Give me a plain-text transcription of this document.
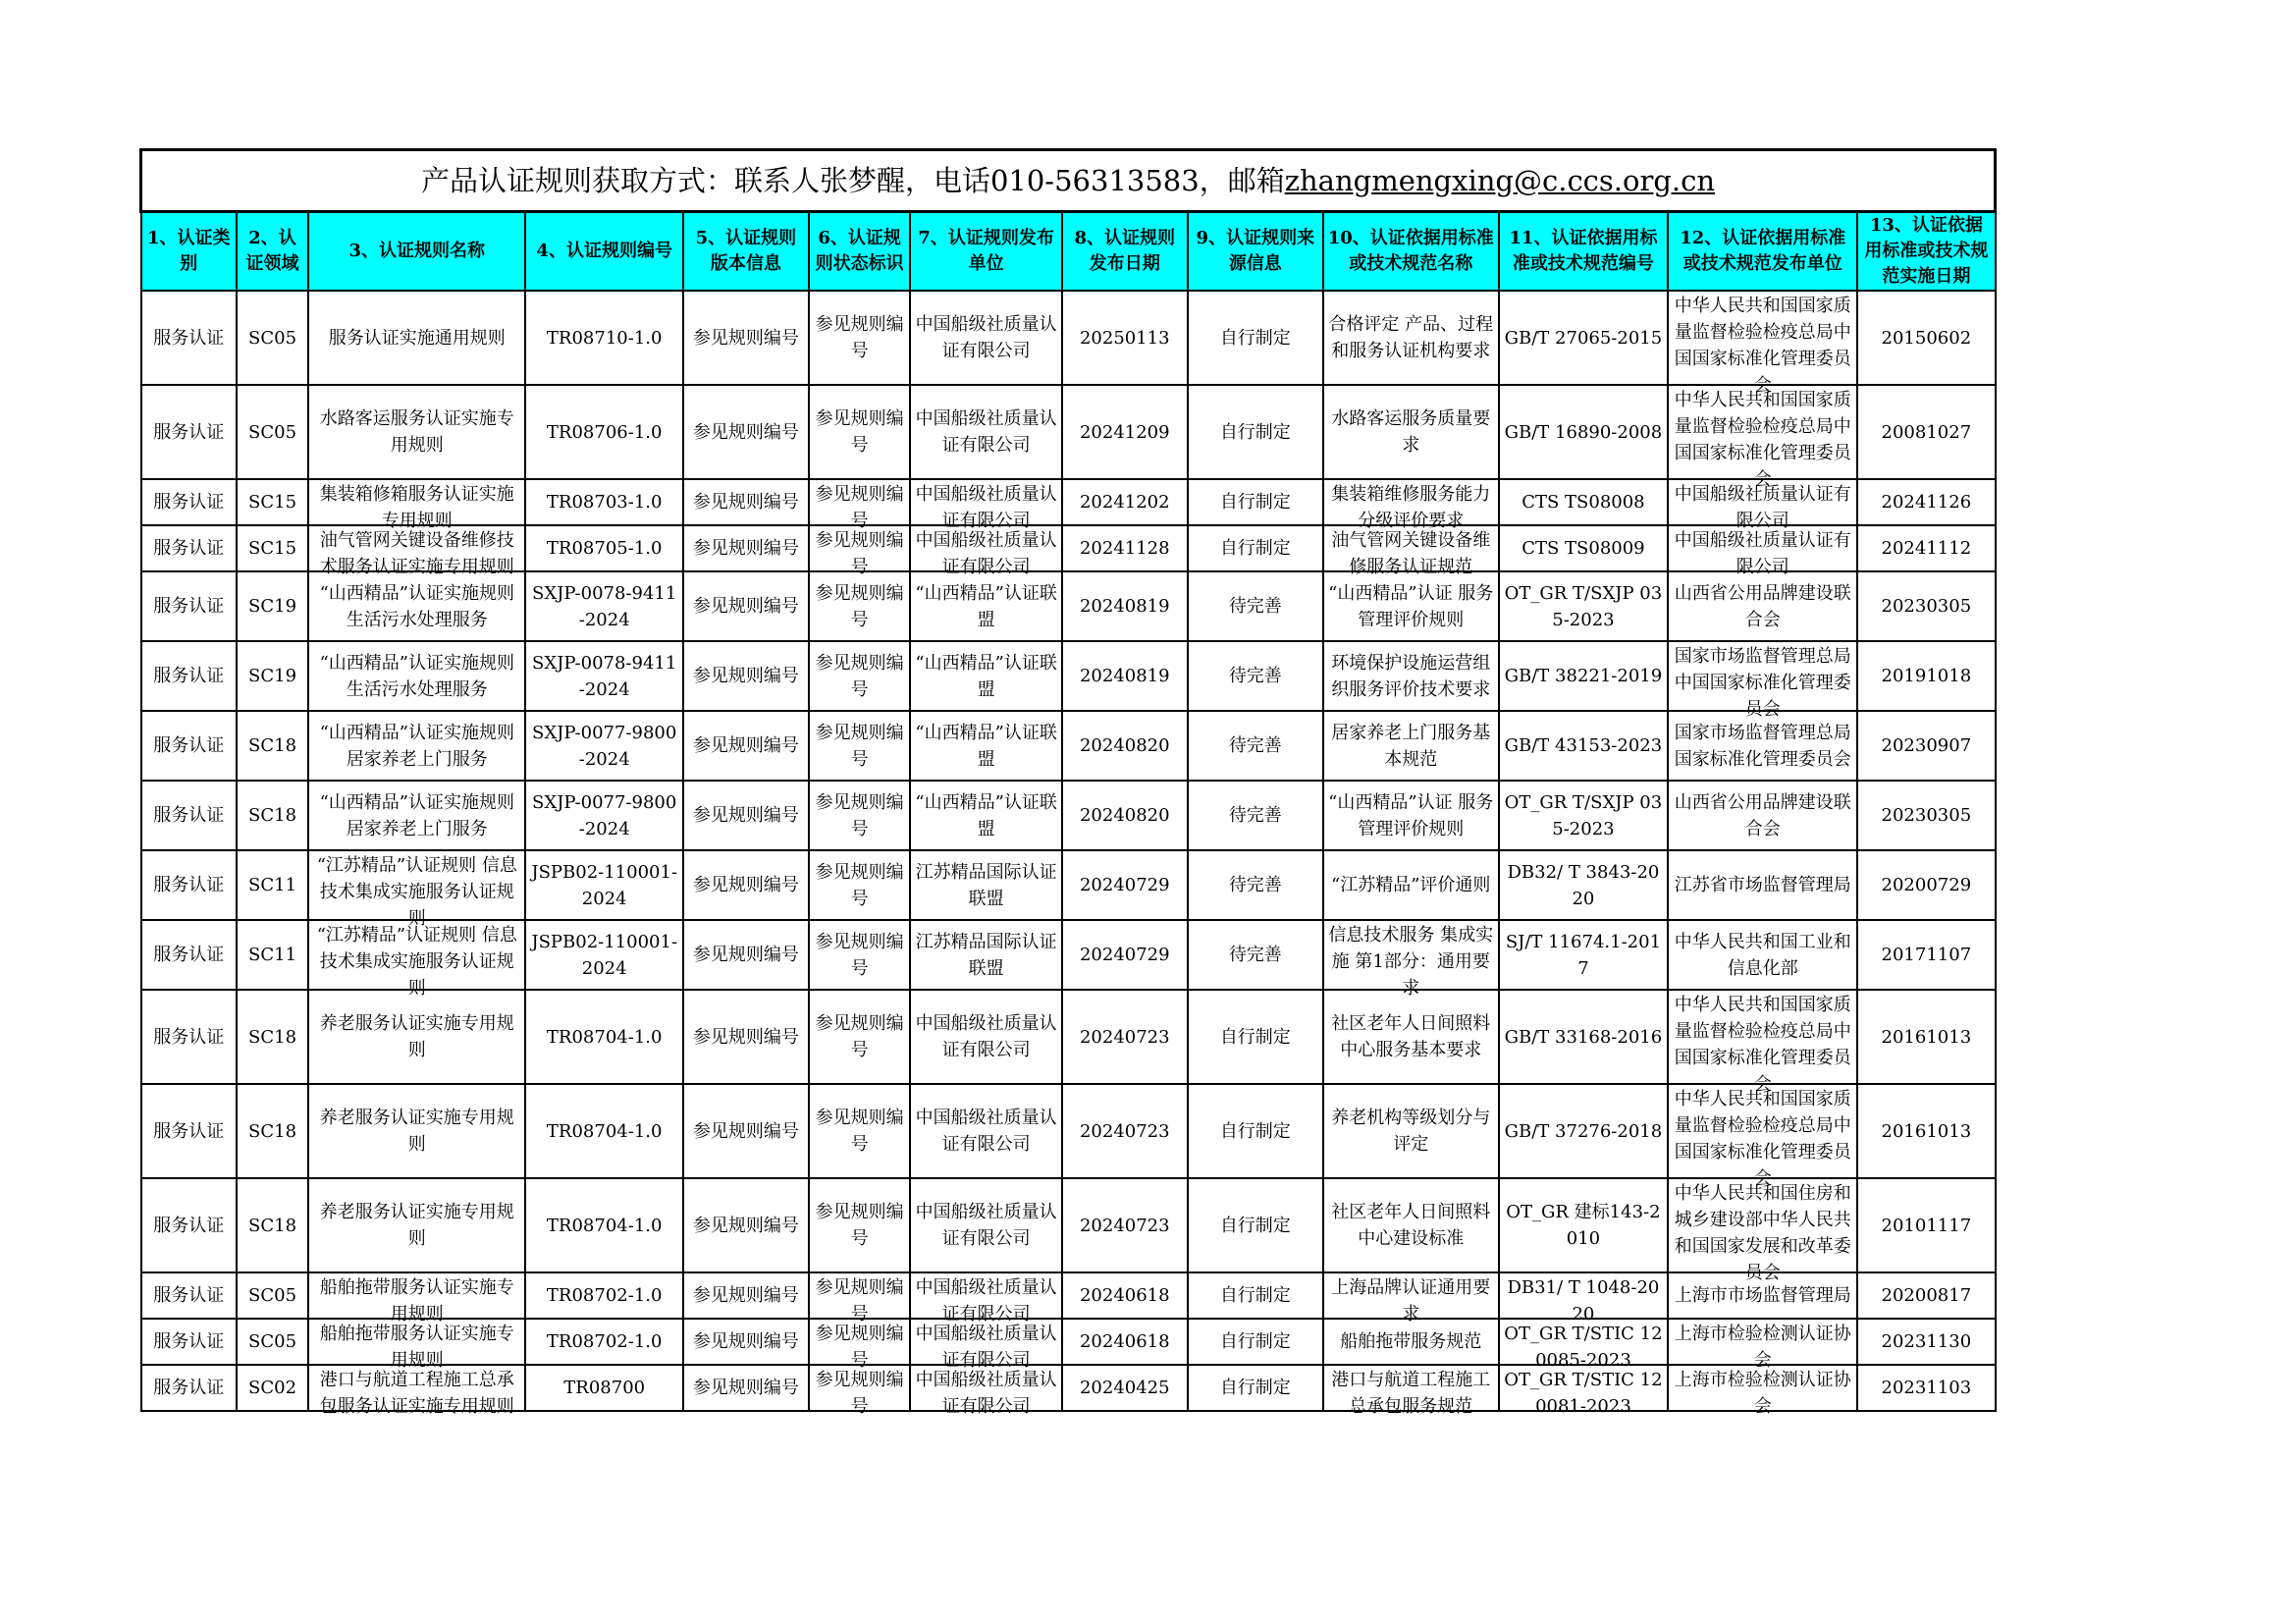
产品认证规则获取方式：联系人张梦醒，电话010-56313583，邮箱zhangmengxing@c.ccs.org.cn												
1、认证类别	2、认证领域	3、认证规则名称	4、认证规则编号	5、认证规则版本信息	6、认证规则状态标识	7、认证规则发布单位	8、认证规则发布日期	9、认证规则来源信息	10、认证依据用标准或技术规范名称	11、认证依据用标准或技术规范编号	12、认证依据用标准或技术规范发布单位	13、认证依据用标准或技术规范实施日期

服务认证	SC05	服务认证实施通用规则	TR08710-1.0	参见规则编号	参见规则编号	中国船级社质量认证有限公司	20250113	自行制定	合格评定 产品、过程和服务认证机构要求	GB/T 27065-2015	中华人民共和国国家质量监督检验检疫总局中国国家标准化管理委员会	20150602

服务认证	SC05	水路客运服务认证实施专用规则	TR08706-1.0	参见规则编号	参见规则编号	中国船级社质量认证有限公司	20241209	自行制定	水路客运服务质量要求	GB/T 16890-2008	中华人民共和国国家质量监督检验检疫总局中国国家标准化管理委员会	20081027

服务认证	SC15	集装箱修箱服务认证实施专用规则	TR08703-1.0	参见规则编号	参见规则编号	中国船级社质量认证有限公司	20241202	自行制定	集装箱维修服务能力分级评价要求	CTS TS08008	中国船级社质量认证有限公司	20241126

服务认证	SC15	油气管网关键设备维修技术服务认证实施专用规则	TR08705-1.0	参见规则编号	参见规则编号	中国船级社质量认证有限公司	20241128	自行制定	油气管网关键设备维修服务认证规范	CTS TS08009	中国船级社质量认证有限公司	20241112

服务认证	SC19	“山西精品”认证实施规则 生活污水处理服务	SXJP-0078-9411-2024	参见规则编号	参见规则编号	“山西精品”认证联盟	20240819	待完善	“山西精品”认证 服务管理评价规则	OT_GR T/SXJP 035-2023	山西省公用品牌建设联合会	20230305

服务认证	SC19	“山西精品”认证实施规则 生活污水处理服务	SXJP-0078-9411-2024	参见规则编号	参见规则编号	“山西精品”认证联盟	20240819	待完善	环境保护设施运营组织服务评价技术要求	GB/T 38221-2019	国家市场监督管理总局中国国家标准化管理委员会	20191018

服务认证	SC18	“山西精品”认证实施规则 居家养老上门服务	SXJP-0077-9800-2024	参见规则编号	参见规则编号	“山西精品”认证联盟	20240820	待完善	居家养老上门服务基本规范	GB/T 43153-2023	国家市场监督管理总局国家标准化管理委员会	20230907

服务认证	SC18	“山西精品”认证实施规则 居家养老上门服务	SXJP-0077-9800-2024	参见规则编号	参见规则编号	“山西精品”认证联盟	20240820	待完善	“山西精品”认证 服务管理评价规则	OT_GR T/SXJP 035-2023	山西省公用品牌建设联合会	20230305

服务认证	SC11	“江苏精品”认证规则 信息技术集成实施服务认证规则	JSPB02-110001-2024	参见规则编号	参见规则编号	江苏精品国际认证联盟	20240729	待完善	“江苏精品”评价通则	DB32/ T 3843-2020	江苏省市场监督管理局	20200729

服务认证	SC11	“江苏精品”认证规则 信息技术集成实施服务认证规则	JSPB02-110001-2024	参见规则编号	参见规则编号	江苏精品国际认证联盟	20240729	待完善	信息技术服务 集成实施 第1部分：通用要求	SJ/T 11674.1-2017	中华人民共和国工业和信息化部	20171107

服务认证	SC18	养老服务认证实施专用规则	TR08704-1.0	参见规则编号	参见规则编号	中国船级社质量认证有限公司	20240723	自行制定	社区老年人日间照料中心服务基本要求	GB/T 33168-2016	中华人民共和国国家质量监督检验检疫总局中国国家标准化管理委员会	20161013

服务认证	SC18	养老服务认证实施专用规则	TR08704-1.0	参见规则编号	参见规则编号	中国船级社质量认证有限公司	20240723	自行制定	养老机构等级划分与评定	GB/T 37276-2018	中华人民共和国国家质量监督检验检疫总局中国国家标准化管理委员会	20161013

服务认证	SC18	养老服务认证实施专用规则	TR08704-1.0	参见规则编号	参见规则编号	中国船级社质量认证有限公司	20240723	自行制定	社区老年人日间照料中心建设标准	OT_GR 建标143-2010	中华人民共和国住房和城乡建设部中华人民共和国国家发展和改革委员会	20101117

服务认证	SC05	船舶拖带服务认证实施专用规则	TR08702-1.0	参见规则编号	参见规则编号	中国船级社质量认证有限公司	20240618	自行制定	上海品牌认证通用要求	DB31/ T 1048-2020	上海市市场监督管理局	20200817

服务认证	SC05	船舶拖带服务认证实施专用规则	TR08702-1.0	参见规则编号	参见规则编号	中国船级社质量认证有限公司	20240618	自行制定	船舶拖带服务规范	OT_GR T/STIC 120085-2023	上海市检验检测认证协会	20231130

服务认证	SC02	港口与航道工程施工总承包服务认证实施专用规则	TR08700	参见规则编号	参见规则编号	中国船级社质量认证有限公司	20240425	自行制定	港口与航道工程施工总承包服务规范	OT_GR T/STIC 120081-2023	上海市检验检测认证协会	20231103
